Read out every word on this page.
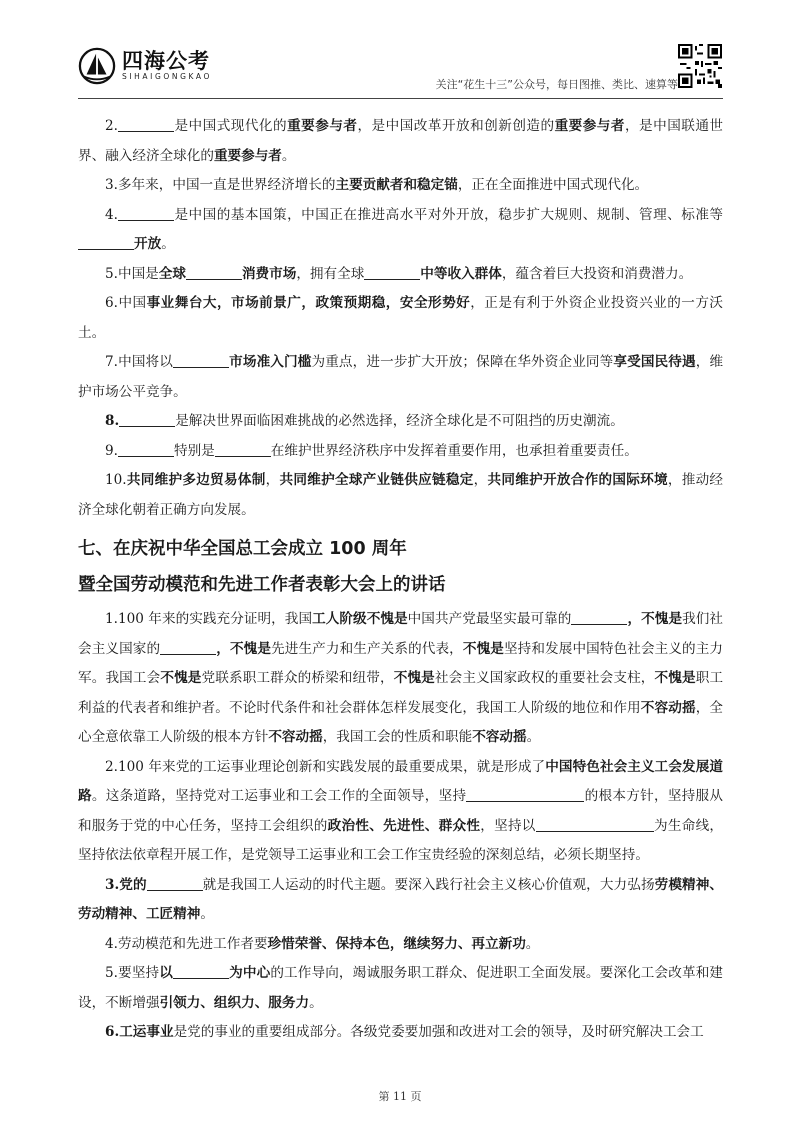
四海公考
SIHAIGONGKAO
关注“花生十三”公众号，每日图推、类比、速算等

2.	是中国式现代化的重要参与者，是中国改革开放和创新创造的重要参与者，是中国联通世界、融入经济全球化的重要参与者。

3.多年来，中国一直是世界经济增长的主要贡献者和稳定锚，正在全面推进中国式现代化。

4.	是中国的基本国策，中国正在推进高水平对外开放，稳步扩大规则、规制、管理、标准等开放。

5.中国是全球	消费市场，拥有全球	中等收入群体，蕴含着巨大投资和消费潜力。

6.中国事业舞台大，市场前景广，政策预期稳，安全形势好，正是有利于外资企业投资兴业的一方沃土。

7.中国将以	市场准入门槛为重点，进一步扩大开放；保障在华外资企业同等享受国民待遇，维护市场公平竞争。

8.	是解决世界面临困难挑战的必然选择，经济全球化是不可阻挡的历史潮流。

9.	特别是	在维护世界经济秩序中发挥着重要作用，也承担着重要责任。

10.共同维护多边贸易体制，共同维护全球产业链供应链稳定，共同维护开放合作的国际环境，推动经济全球化朝着正确方向发展。

七、在庆祝中华全国总工会成立 100 周年

暨全国劳动模范和先进工作者表彰大会上的讲话

1.100 年来的实践充分证明，我国工人阶级不愧是中国共产党最坚实最可靠的	，不愧是我们社会主义国家的	，不愧是先进生产力和生产关系的代表，不愧是坚持和发展中国特色社会主义的主力军。我国工会不愧是党联系职工群众的桥梁和纽带，不愧是社会主义国家政权的重要社会支柱，不愧是职工利益的代表者和维护者。不论时代条件和社会群体怎样发展变化，我国工人阶级的地位和作用不容动摇，全心全意依靠工人阶级的根本方针不容动摇，我国工会的性质和职能不容动摇。

2.100 年来党的工运事业理论创新和实践发展的最重要成果，就是形成了中国特色社会主义工会发展道路。这条道路，坚持党对工运事业和工会工作的全面领导，坚持	的根本方针，坚持服从和服务于党的中心任务，坚持工会组织的政治性、先进性、群众性，坚持以	为生命线，坚持依法依章程开展工作，是党领导工运事业和工会工作宝贵经验的深刻总结，必须长期坚持。

3.党的	就是我国工人运动的时代主题。要深入践行社会主义核心价值观，大力弘扬劳模精神、劳动精神、工匠精神。

4.劳动模范和先进工作者要珍惜荣誉、保持本色，继续努力、再立新功。

5.要坚持以	为中心的工作导向，竭诚服务职工群众、促进职工全面发展。要深化工会改革和建设，不断增强引领力、组织力、服务力。

6.工运事业是党的事业的重要组成部分。各级党委要加强和改进对工会的领导，及时研究解决工会工

第 11 页
